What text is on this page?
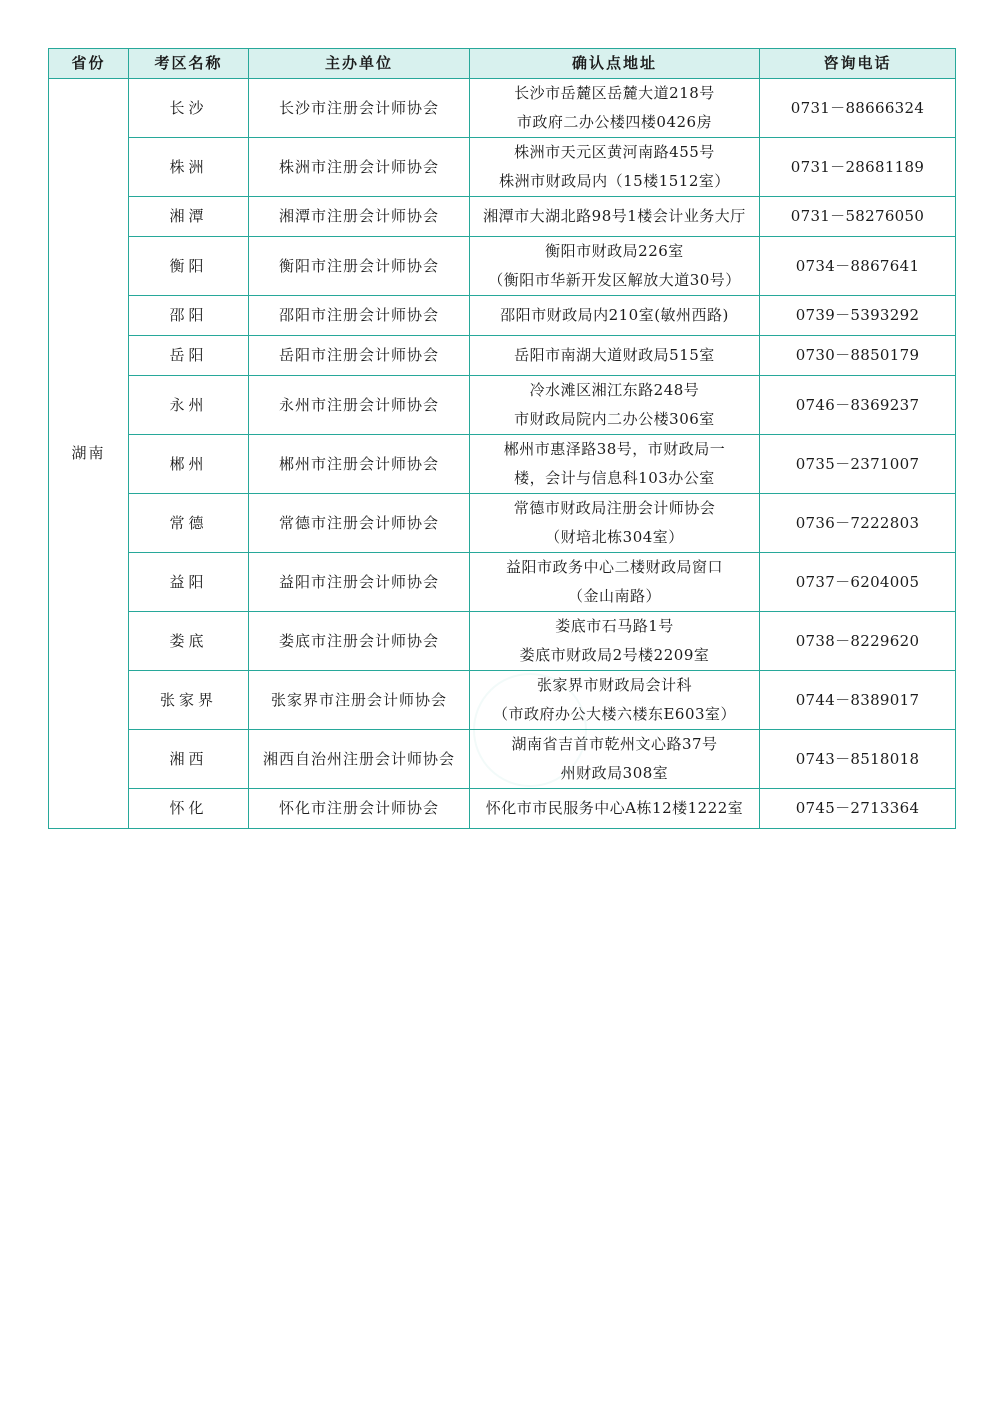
省份	考区名称	主办单位	确认点地址	咨询电话
湖南	长沙	长沙市注册会计师协会	长沙市岳麓区岳麓大道218号
市政府二办公楼四楼0426房	0731－88666324
	株洲	株洲市注册会计师协会	株洲市天元区黄河南路455号
株洲市财政局内（15楼1512室）	0731－28681189
	湘潭	湘潭市注册会计师协会	湘潭市大湖北路98号1楼会计业务大厅	0731－58276050
	衡阳	衡阳市注册会计师协会	衡阳市财政局226室
（衡阳市华新开发区解放大道30号）	0734－8867641
	邵阳	邵阳市注册会计师协会	邵阳市财政局内210室(敏州西路)	0739－5393292
	岳阳	岳阳市注册会计师协会	岳阳市南湖大道财政局515室	0730－8850179
	永州	永州市注册会计师协会	冷水滩区湘江东路248号
市财政局院内二办公楼306室	0746－8369237
	郴州	郴州市注册会计师协会	郴州市惠泽路38号，市财政局一
楼，会计与信息科103办公室	0735－2371007
	常德	常德市注册会计师协会	常德市财政局注册会计师协会
（财培北栋304室）	0736－7222803
	益阳	益阳市注册会计师协会	益阳市政务中心二楼财政局窗口
（金山南路）	0737－6204005
	娄底	娄底市注册会计师协会	娄底市石马路1号
娄底市财政局2号楼2209室	0738－8229620
	张家界	张家界市注册会计师协会	张家界市财政局会计科
（市政府办公大楼六楼东E603室）	0744－8389017
	湘西	湘西自治州注册会计师协会	湖南省吉首市乾州文心路37号
州财政局308室	0743－8518018
	怀化	怀化市注册会计师协会	怀化市市民服务中心A栋12楼1222室	0745－2713364
